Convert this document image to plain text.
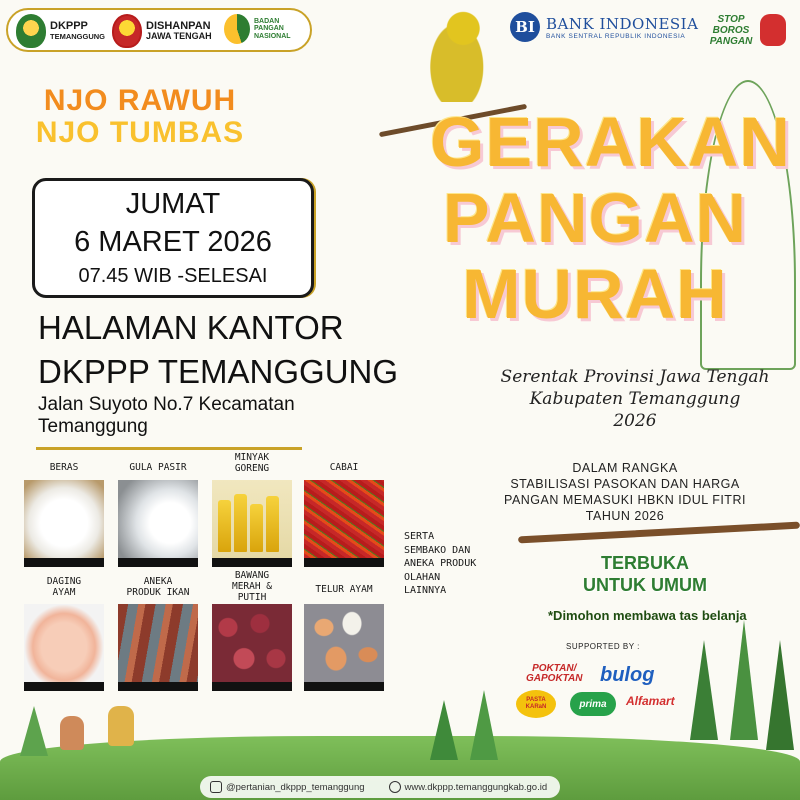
DKPPP
TEMANGGUNG
DISHANPAN
JAWA TENGAH
BADAN
PANGAN
NASIONAL
BI BANK INDONESIA
BANK SENTRAL REPUBLIK INDONESIA
STOP
BOROS
PANGAN
NJO RAWUH
NJO TUMBAS
JUMAT
6 MARET 2026
07.45 WIB -SELESAI
HALAMAN KANTOR
DKPPP TEMANGGUNG
Jalan Suyoto No.7 Kecamatan Temanggung
BERAS	GULA PASIR
MINYAK GORENG	CABAI
DAGING AYAM
ANEKA PRODUK IKAN
BAWANG MERAH & PUTIH
TELUR AYAM
SERTA SEMBAKO DAN ANEKA PRODUK OLAHAN LAINNYA
GERAKAN
PANGAN
MURAH
Serentak Provinsi Jawa Tengah
Kabupaten Temanggung
2026
DALAM RANGKA
STABILISASI PASOKAN DAN HARGA
PANGAN MEMASUKI HBKN IDUL FITRI
TAHUN 2026
TERBUKA
UNTUK UMUM
*Dimohon membawa tas belanja
SUPPORTED BY :
POKTAN/
GAPOKTAN bulog
PASTA KARaN	prima	Alfamart
@pertanian_dkppp_temanggung	www.dkppp.temanggungkab.go.id
